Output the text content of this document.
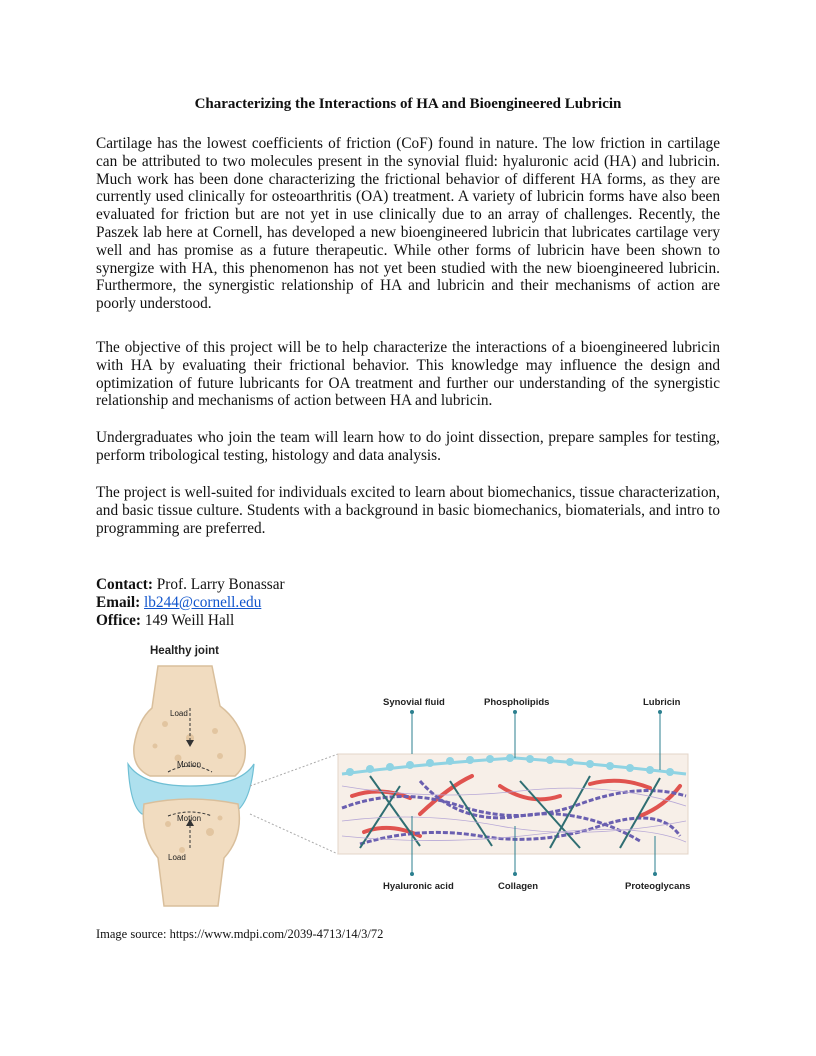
Characterizing the Interactions of HA and Bioengineered Lubricin

Cartilage has the lowest coefficients of friction (CoF) found in nature. The low friction in cartilage can be attributed to two molecules present in the synovial fluid: hyaluronic acid (HA) and lubricin. Much work has been done characterizing the frictional behavior of different HA forms, as they are currently used clinically for osteoarthritis (OA) treatment. A variety of lubricin forms have also been evaluated for friction but are not yet in use clinically due to an array of challenges. Recently, the Paszek lab here at Cornell, has developed a new bioengineered lubricin that lubricates cartilage very well and has promise as a future therapeutic. While other forms of lubricin have been shown to synergize with HA, this phenomenon has not yet been studied with the new bioengineered lubricin. Furthermore, the synergistic relationship of HA and lubricin and their mechanisms of action are poorly understood.

The objective of this project will be to help characterize the interactions of a bioengineered lubricin with HA by evaluating their frictional behavior. This knowledge may influence the design and optimization of future lubricants for OA treatment and further our understanding of the synergistic relationship and mechanisms of action between HA and lubricin.

Undergraduates who join the team will learn how to do joint dissection, prepare samples for testing, perform tribological testing, histology and data analysis.

The project is well-suited for individuals excited to learn about biomechanics, tissue characterization, and basic tissue culture. Students with a background in basic biomechanics, biomaterials, and intro to programming are preferred.

Contact: Prof. Larry Bonassar
Email: lb244@cornell.edu
Office: 149 Weill Hall
Healthy joint
Load
Motion
Motion
Load
Synovial fluid	Phospholipids	Lubricin
Hyaluronic acid	Collagen	Proteoglycans
Image source: https://www.mdpi.com/2039-4713/14/3/72
